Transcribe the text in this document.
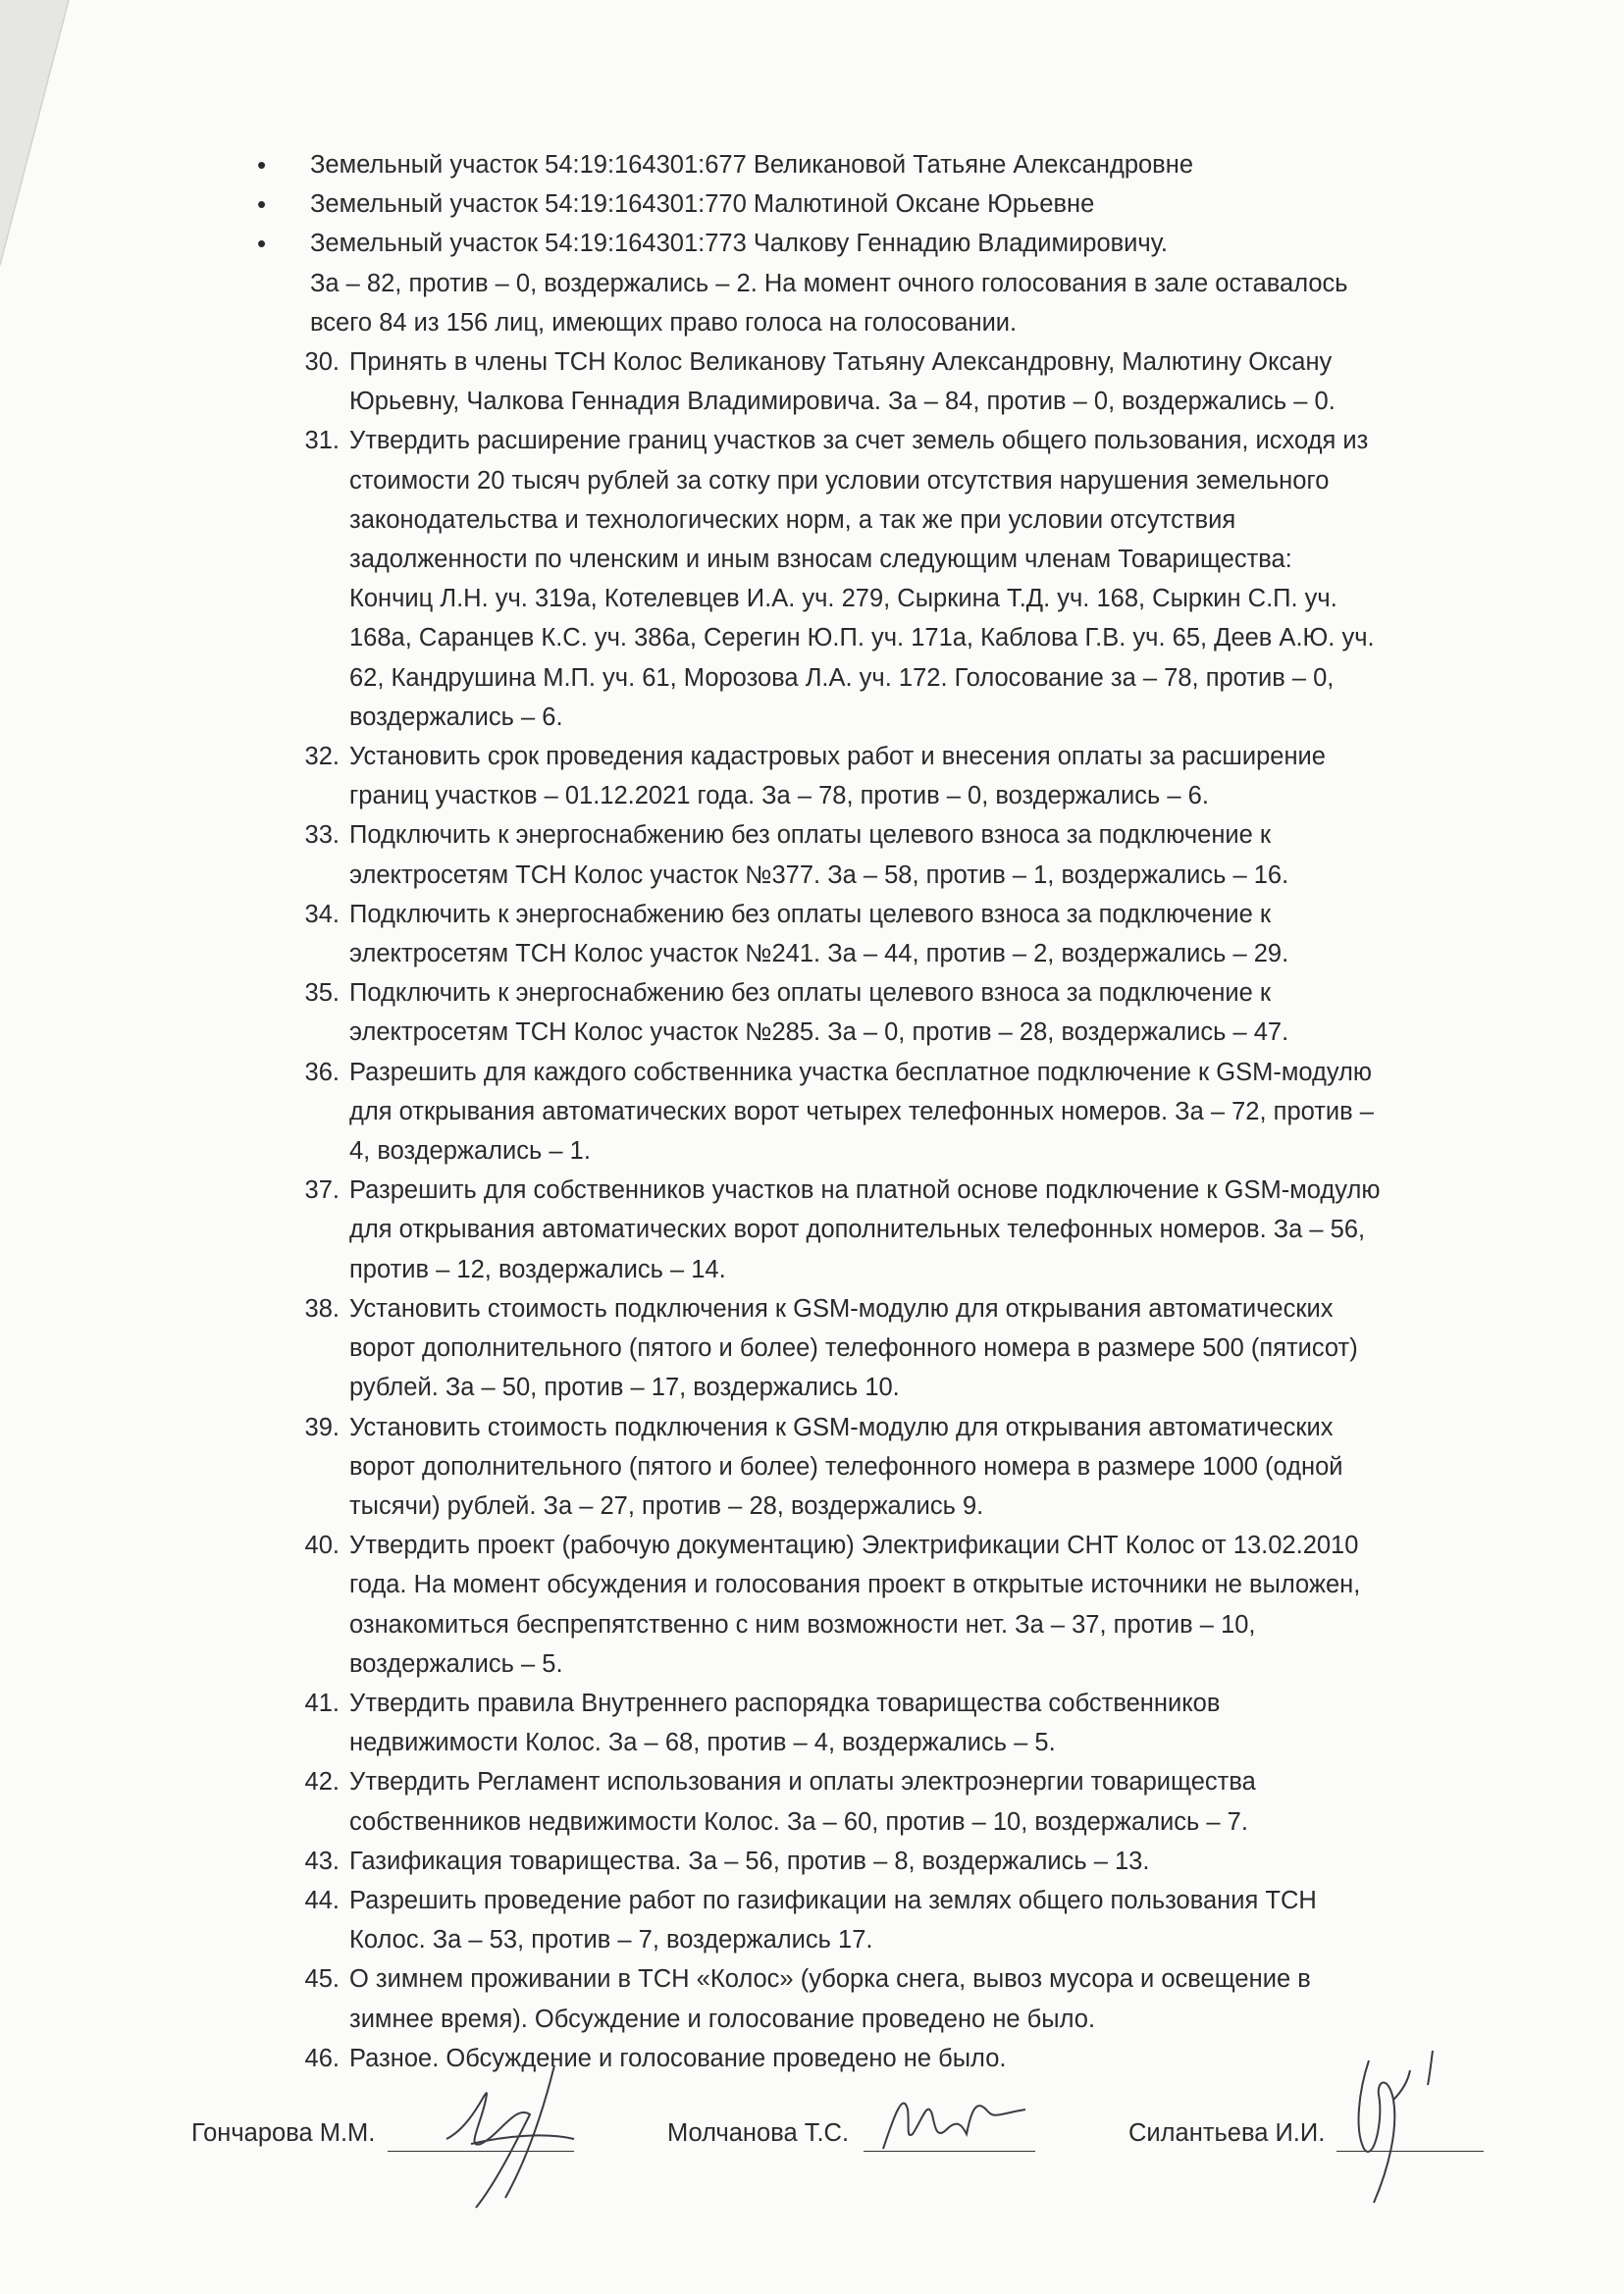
• Земельный участок 54:19:164301:677 Великановой Татьяне Александровне
• Земельный участок 54:19:164301:770 Малютиной Оксане Юрьевне
• Земельный участок 54:19:164301:773 Чалкову Геннадию Владимировичу.
За – 82, против – 0, воздержались – 2. На момент очного голосования в зале оставалось
всего 84 из 156 лиц, имеющих право голоса на голосовании.
30. Принять в члены ТСН Колос Великанову Татьяну Александровну, Малютину Оксану
Юрьевну, Чалкова Геннадия Владимировича. За – 84, против – 0, воздержались – 0.
31. Утвердить расширение границ участков за счет земель общего пользования, исходя из
стоимости 20 тысяч рублей за сотку при условии отсутствия нарушения земельного
законодательства и технологических норм, а так же при условии отсутствия
задолженности по членским и иным взносам следующим членам Товарищества:
Кончиц Л.Н. уч. 319а, Котелевцев И.А. уч. 279, Сыркина Т.Д. уч. 168, Сыркин С.П. уч.
168а, Саранцев К.С. уч. 386а, Серегин Ю.П. уч. 171а, Каблова Г.В. уч. 65, Деев А.Ю. уч.
62, Кандрушина М.П. уч. 61, Морозова Л.А. уч. 172. Голосование за – 78, против – 0,
воздержались – 6.
32. Установить срок проведения кадастровых работ и внесения оплаты за расширение
границ участков – 01.12.2021 года. За – 78, против – 0, воздержались – 6.
33. Подключить к энергоснабжению без оплаты целевого взноса за подключение к
электросетям ТСН Колос участок №377. За – 58, против – 1, воздержались – 16.
34. Подключить к энергоснабжению без оплаты целевого взноса за подключение к
электросетям ТСН Колос участок №241. За – 44, против – 2, воздержались – 29.
35. Подключить к энергоснабжению без оплаты целевого взноса за подключение к
электросетям ТСН Колос участок №285. За – 0, против – 28, воздержались – 47.
36. Разрешить для каждого собственника участка бесплатное подключение к GSM-модулю
для открывания автоматических ворот четырех телефонных номеров. За – 72, против –
4, воздержались – 1.
37. Разрешить для собственников участков на платной основе подключение к GSM-модулю
для открывания автоматических ворот дополнительных телефонных номеров. За – 56,
против – 12, воздержались – 14.
38. Установить стоимость подключения к GSM-модулю для открывания автоматических
ворот дополнительного (пятого и более) телефонного номера в размере 500 (пятисот)
рублей. За – 50, против – 17, воздержались 10.
39. Установить стоимость подключения к GSM-модулю для открывания автоматических
ворот дополнительного (пятого и более) телефонного номера в размере 1000 (одной
тысячи) рублей. За – 27, против – 28, воздержались 9.
40. Утвердить проект (рабочую документацию) Электрификации СНТ Колос от 13.02.2010
года. На момент обсуждения и голосования проект в открытые источники не выложен,
ознакомиться беспрепятственно с ним возможности нет. За – 37, против – 10,
воздержались – 5.
41. Утвердить правила Внутреннего распорядка товарищества собственников
недвижимости Колос. За – 68, против – 4, воздержались – 5.
42. Утвердить Регламент использования и оплаты электроэнергии товарищества
собственников недвижимости Колос. За – 60, против – 10, воздержались – 7.
43. Газификация товарищества. За – 56, против – 8, воздержались – 13.
44. Разрешить проведение работ по газификации на землях общего пользования ТСН
Колос. За – 53, против – 7, воздержались 17.
45. О зимнем проживании в ТСН «Колос» (уборка снега, вывоз мусора и освещение в
зимнее время). Обсуждение и голосование проведено не было.
46. Разное. Обсуждение и голосование проведено не было.
Гончарова М.М.	Молчанова Т.С.	Силантьева И.И.
